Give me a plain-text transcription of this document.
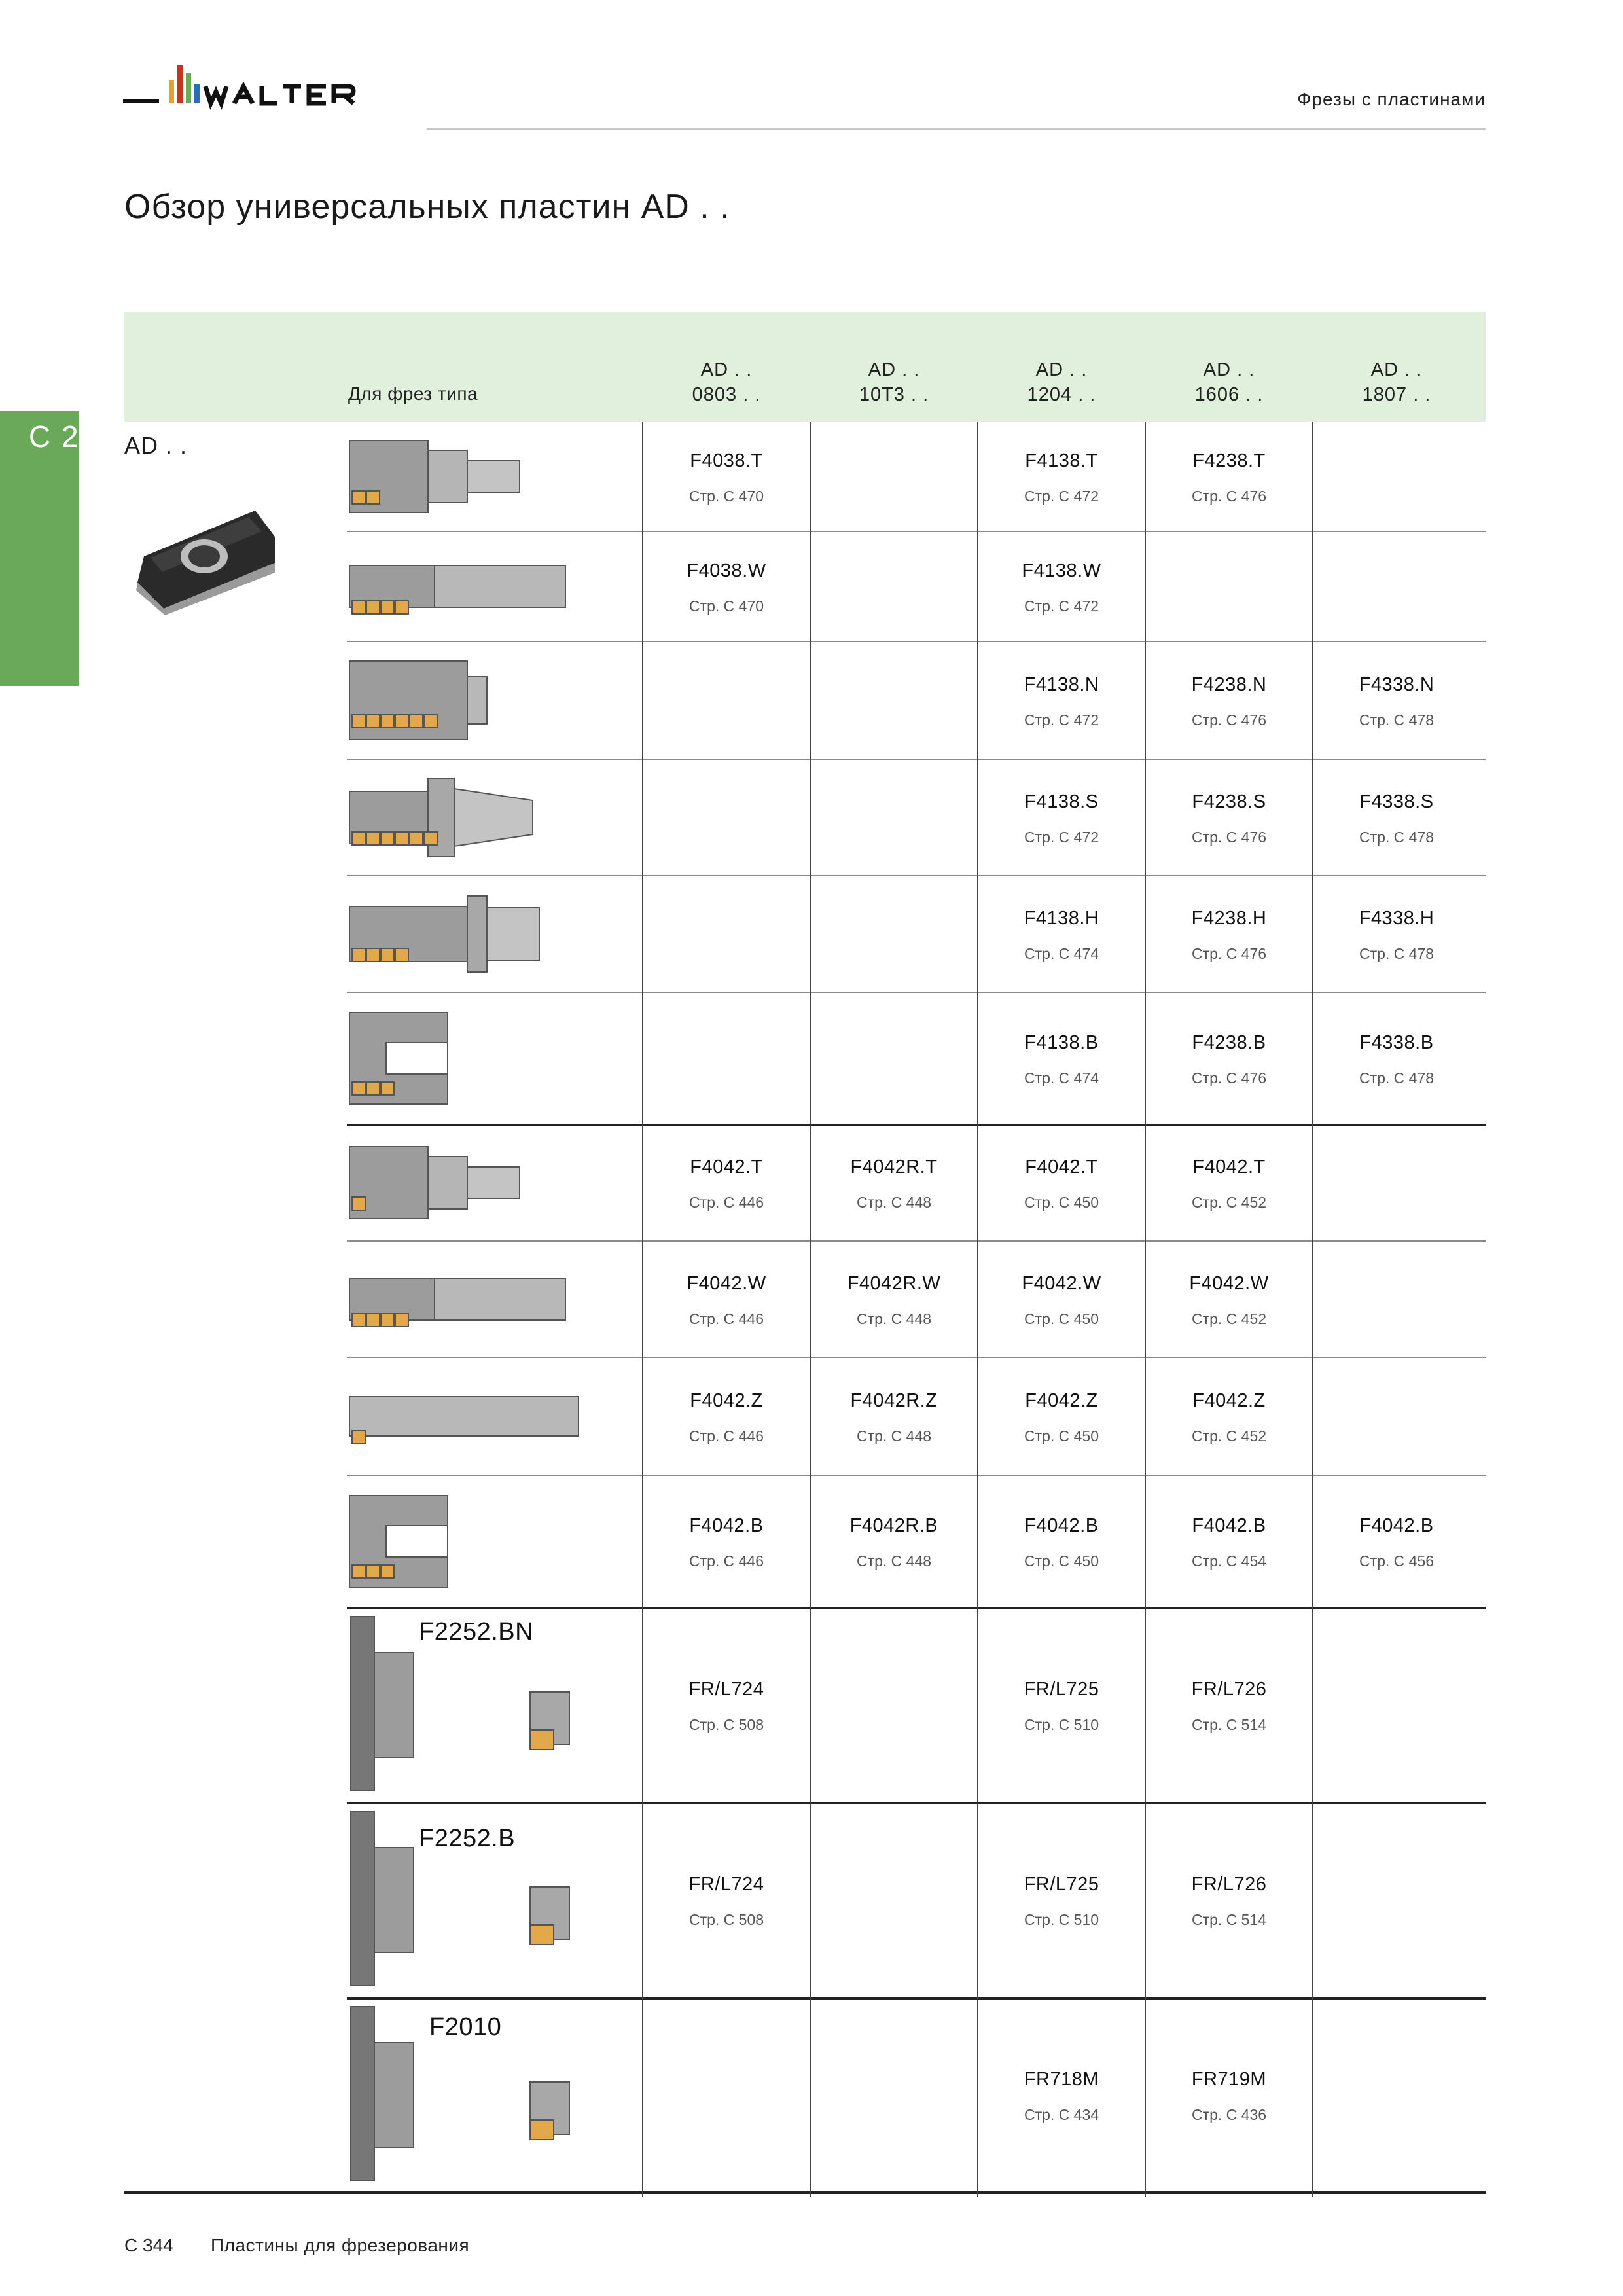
Фрезы с пластинами
Обзор универсальных пластин AD . .
C 2
Для фрез типа
AD . .
0803 . .
AD . .
10T3 . .
AD . .
1204 . .
AD . .
1606 . .
AD . .
1807 . .
AD . .
F4038.T
Стр. C 470
F4138.T
Стр. C 472
F4238.T
Стр. C 476
F4038.W
Стр. C 470
F4138.W
Стр. C 472
F4138.N
Стр. C 472
F4238.N
Стр. C 476
F4338.N
Стр. C 478
F4138.S
Стр. C 472
F4238.S
Стр. C 476
F4338.S
Стр. C 478
F4138.H
Стр. C 474
F4238.H
Стр. C 476
F4338.H
Стр. C 478
F4138.B
Стр. C 474
F4238.B
Стр. C 476
F4338.B
Стр. C 478
F4042.T
Стр. C 446
F4042R.T
Стр. C 448
F4042.T
Стр. C 450
F4042.T
Стр. C 452
F4042.W
Стр. C 446
F4042R.W
Стр. C 448
F4042.W
Стр. C 450
F4042.W
Стр. C 452
F4042.Z
Стр. C 446
F4042R.Z
Стр. C 448
F4042.Z
Стр. C 450
F4042.Z
Стр. C 452
F4042.B
Стр. C 446
F4042R.B
Стр. C 448
F4042.B
Стр. C 450
F4042.B
Стр. C 454
F4042.B
Стр. C 456
FR/L724
Стр. C 508
FR/L725
Стр. C 510
FR/L726
Стр. C 514
FR/L724
Стр. C 508
FR/L725
Стр. C 510
FR/L726
Стр. C 514
FR718M
Стр. C 434
FR719M
Стр. C 436
F2252.BN
F2252.B
F2010
C 344 Пластины для фрезерования
